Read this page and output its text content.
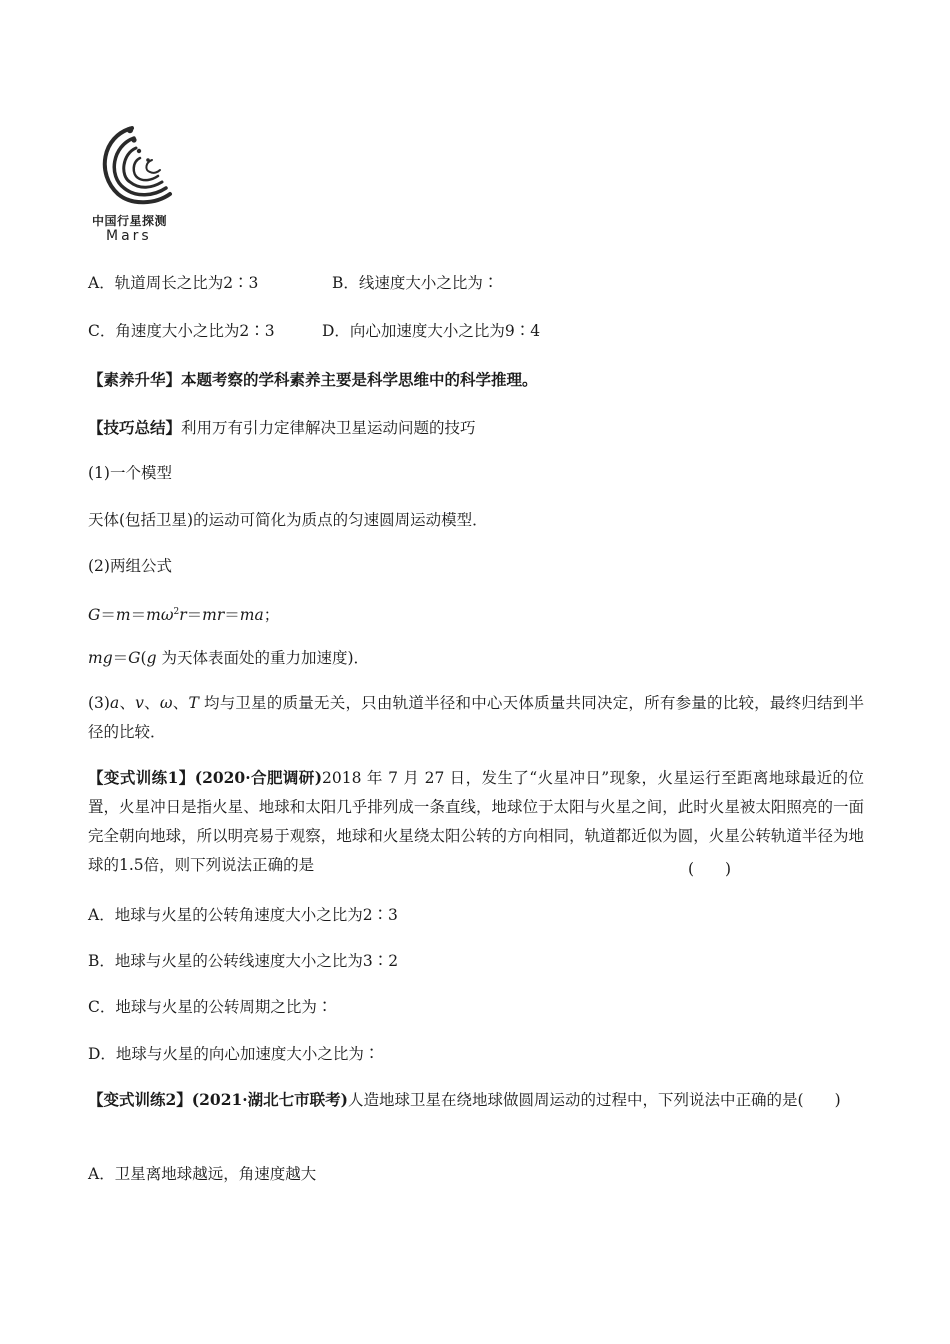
中国行星探测
Mars
A．轨道周长之比为2∶3	B．线速度大小之比为∶
C．角速度大小之比为2∶3	D．向心加速度大小之比为9∶4
【素养升华】本题考察的学科素养主要是科学思维中的科学推理。
【技巧总结】利用万有引力定律解决卫星运动问题的技巧
(1)一个模型
天体(包括卫星)的运动可简化为质点的匀速圆周运动模型．
(2)两组公式
$G=m=m\omega^2r=mr=ma$；
mg＝G(g 为天体表面处的重力加速度)．
(3)a、v、ω、T 均与卫星的质量无关，只由轨道半径和中心天体质量共同决定，所有参量的比较，最终归结到半径的比较．
【变式训练1】(2020·合肥调研)2018 年 7 月 27 日，发生了“火星冲日”现象，火星运行至距离地球最近的位置，火星冲日是指火星、地球和太阳几乎排列成一条直线，地球位于太阳与火星之间，此时火星被太阳照亮的一面完全朝向地球，所以明亮易于观察，地球和火星绕太阳公转的方向相同，轨道都近似为圆，火星公转轨道半径为地球的1.5倍，则下列说法正确的是	(　　)
A．地球与火星的公转角速度大小之比为2∶3
B．地球与火星的公转线速度大小之比为3∶2
C．地球与火星的公转周期之比为∶
D．地球与火星的向心加速度大小之比为∶
【变式训练2】(2021·湖北七市联考)人造地球卫星在绕地球做圆周运动的过程中，下列说法中正确的是(　　)
A．卫星离地球越远，角速度越大
